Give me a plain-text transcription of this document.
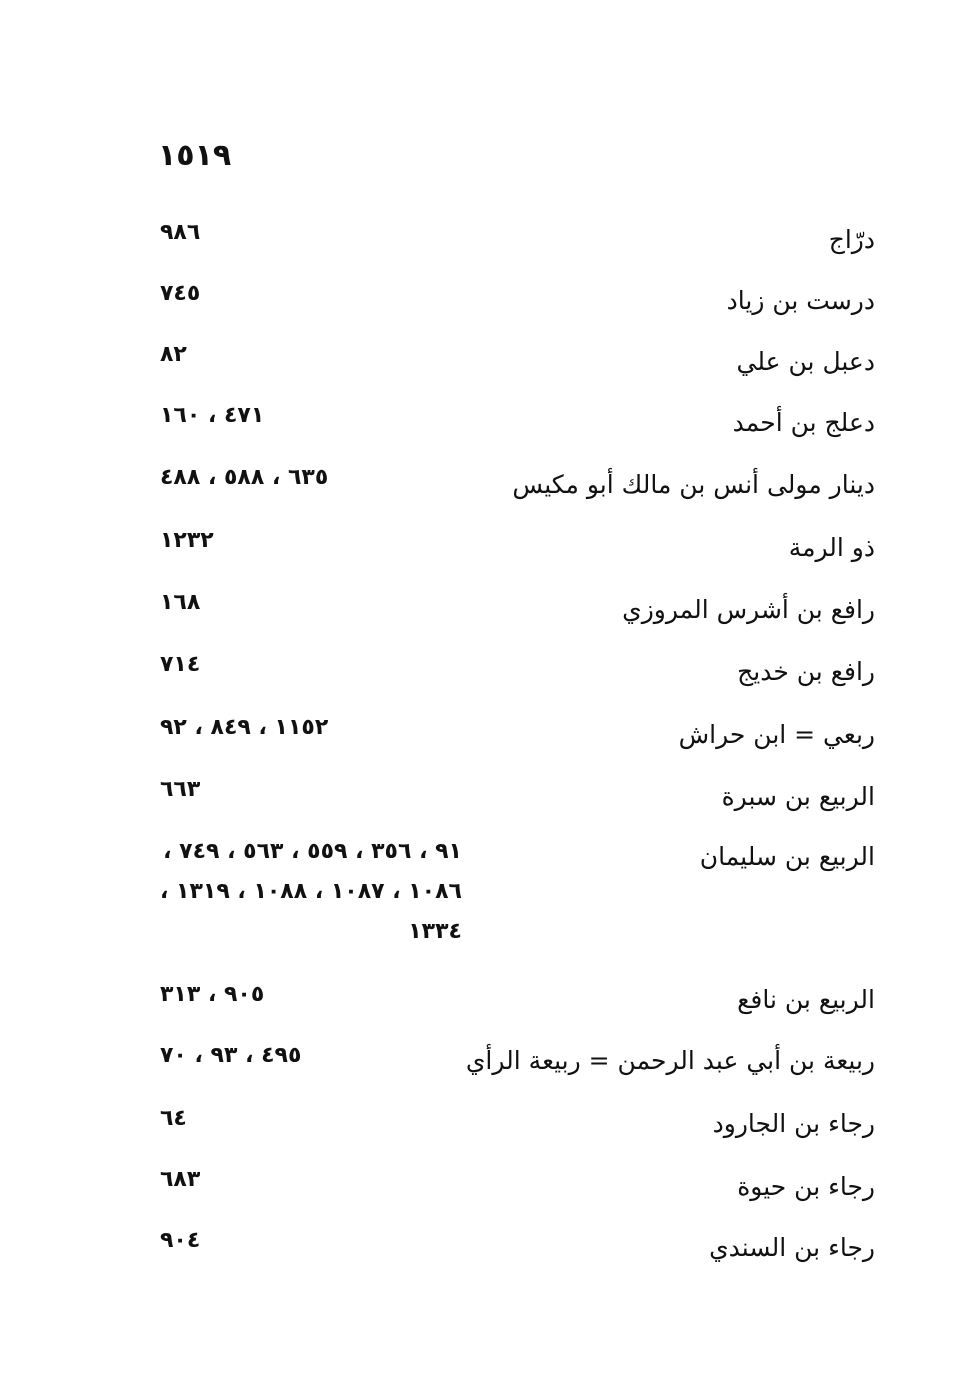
١٥١٩
درّاج
٩٨٦
درست بن زياد
٧٤٥
دعبل بن علي
٨٢
دعلج بن أحمد
٤٧١ ، ١٦٠
دينار مولى أنس بن مالك أبو مكيس
٦٣٥ ، ٥٨٨ ، ٤٨٨
ذو الرمة
١٢٣٢
رافع بن أشرس المروزي
١٦٨
رافع بن خديج
٧١٤
ربعي = ابن حراش
١١٥٢ ، ٨٤٩ ، ٩٢
الربيع بن سبرة
٦٦٣
الربيع بن سليمان
٩١ ، ٣٥٦ ، ٥٥٩ ، ٥٦٣ ، ٧٤٩ ،
١٠٨٦ ، ١٠٨٧ ، ١٠٨٨ ، ١٣١٩ ،
١٣٣٤
الربيع بن نافع
٩٠٥ ، ٣١٣
ربيعة بن أبي عبد الرحمن = ربيعة الرأي
٤٩٥ ، ٩٣ ، ٧٠
رجاء بن الجارود
٦٤
رجاء بن حيوة
٦٨٣
رجاء بن السندي
٩٠٤
